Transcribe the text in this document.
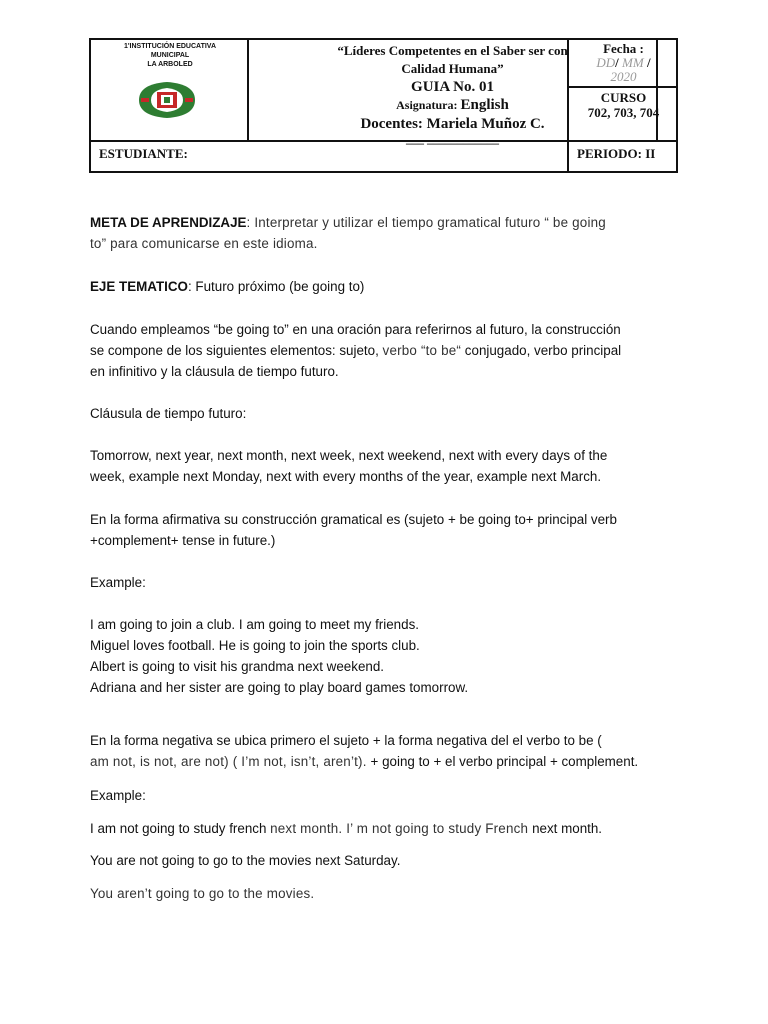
1'INSTITUCIÓN EDUCATIVA
MUNICIPAL
LA ARBOLED
“Líderes Competentes en el Saber ser con
Calidad Humana”
GUIA No. 01
Asignatura: English
Docentes: Mariela Muñoz C.
___ ____________
Fecha :
DD/ MM /
2020
CURSO
702, 703, 704
ESTUDIANTE:	PERIODO: II

META DE APRENDIZAJE: Interpretar y utilizar el tiempo gramatical futuro “ be going

to” para comunicarse en este idioma.

EJE TEMATICO: Futuro próximo (be going to)

Cuando empleamos “be going to” en una oración para referirnos al futuro, la construcción

se compone de los siguientes elementos: sujeto, verbo “to be“ conjugado, verbo principal

en infinitivo y la cláusula de tiempo futuro.

Cláusula de tiempo futuro:

Tomorrow, next year, next month, next week, next weekend, next with every days of the

week, example next Monday, next with every months of the year, example next March.

En la forma afirmativa su construcción gramatical es (sujeto + be going to+ principal verb

+complement+ tense in future.)

Example:

I am going to join a club. I am going to meet my friends.

Miguel loves football. He is going to join the sports club.

Albert is going to visit his grandma next weekend.

Adriana and her sister are going to play board games tomorrow.

En la forma negativa se ubica primero el sujeto + la forma negativa del el verbo to be (

am not, is not, are not) ( I’m not, isn’t, aren’t). + going to + el verbo principal + complement.

Example:

I am not going to study french next month. I’ m not going to study French next month.

You are not going to go to the movies next Saturday.

You aren’t going to go to the movies.
